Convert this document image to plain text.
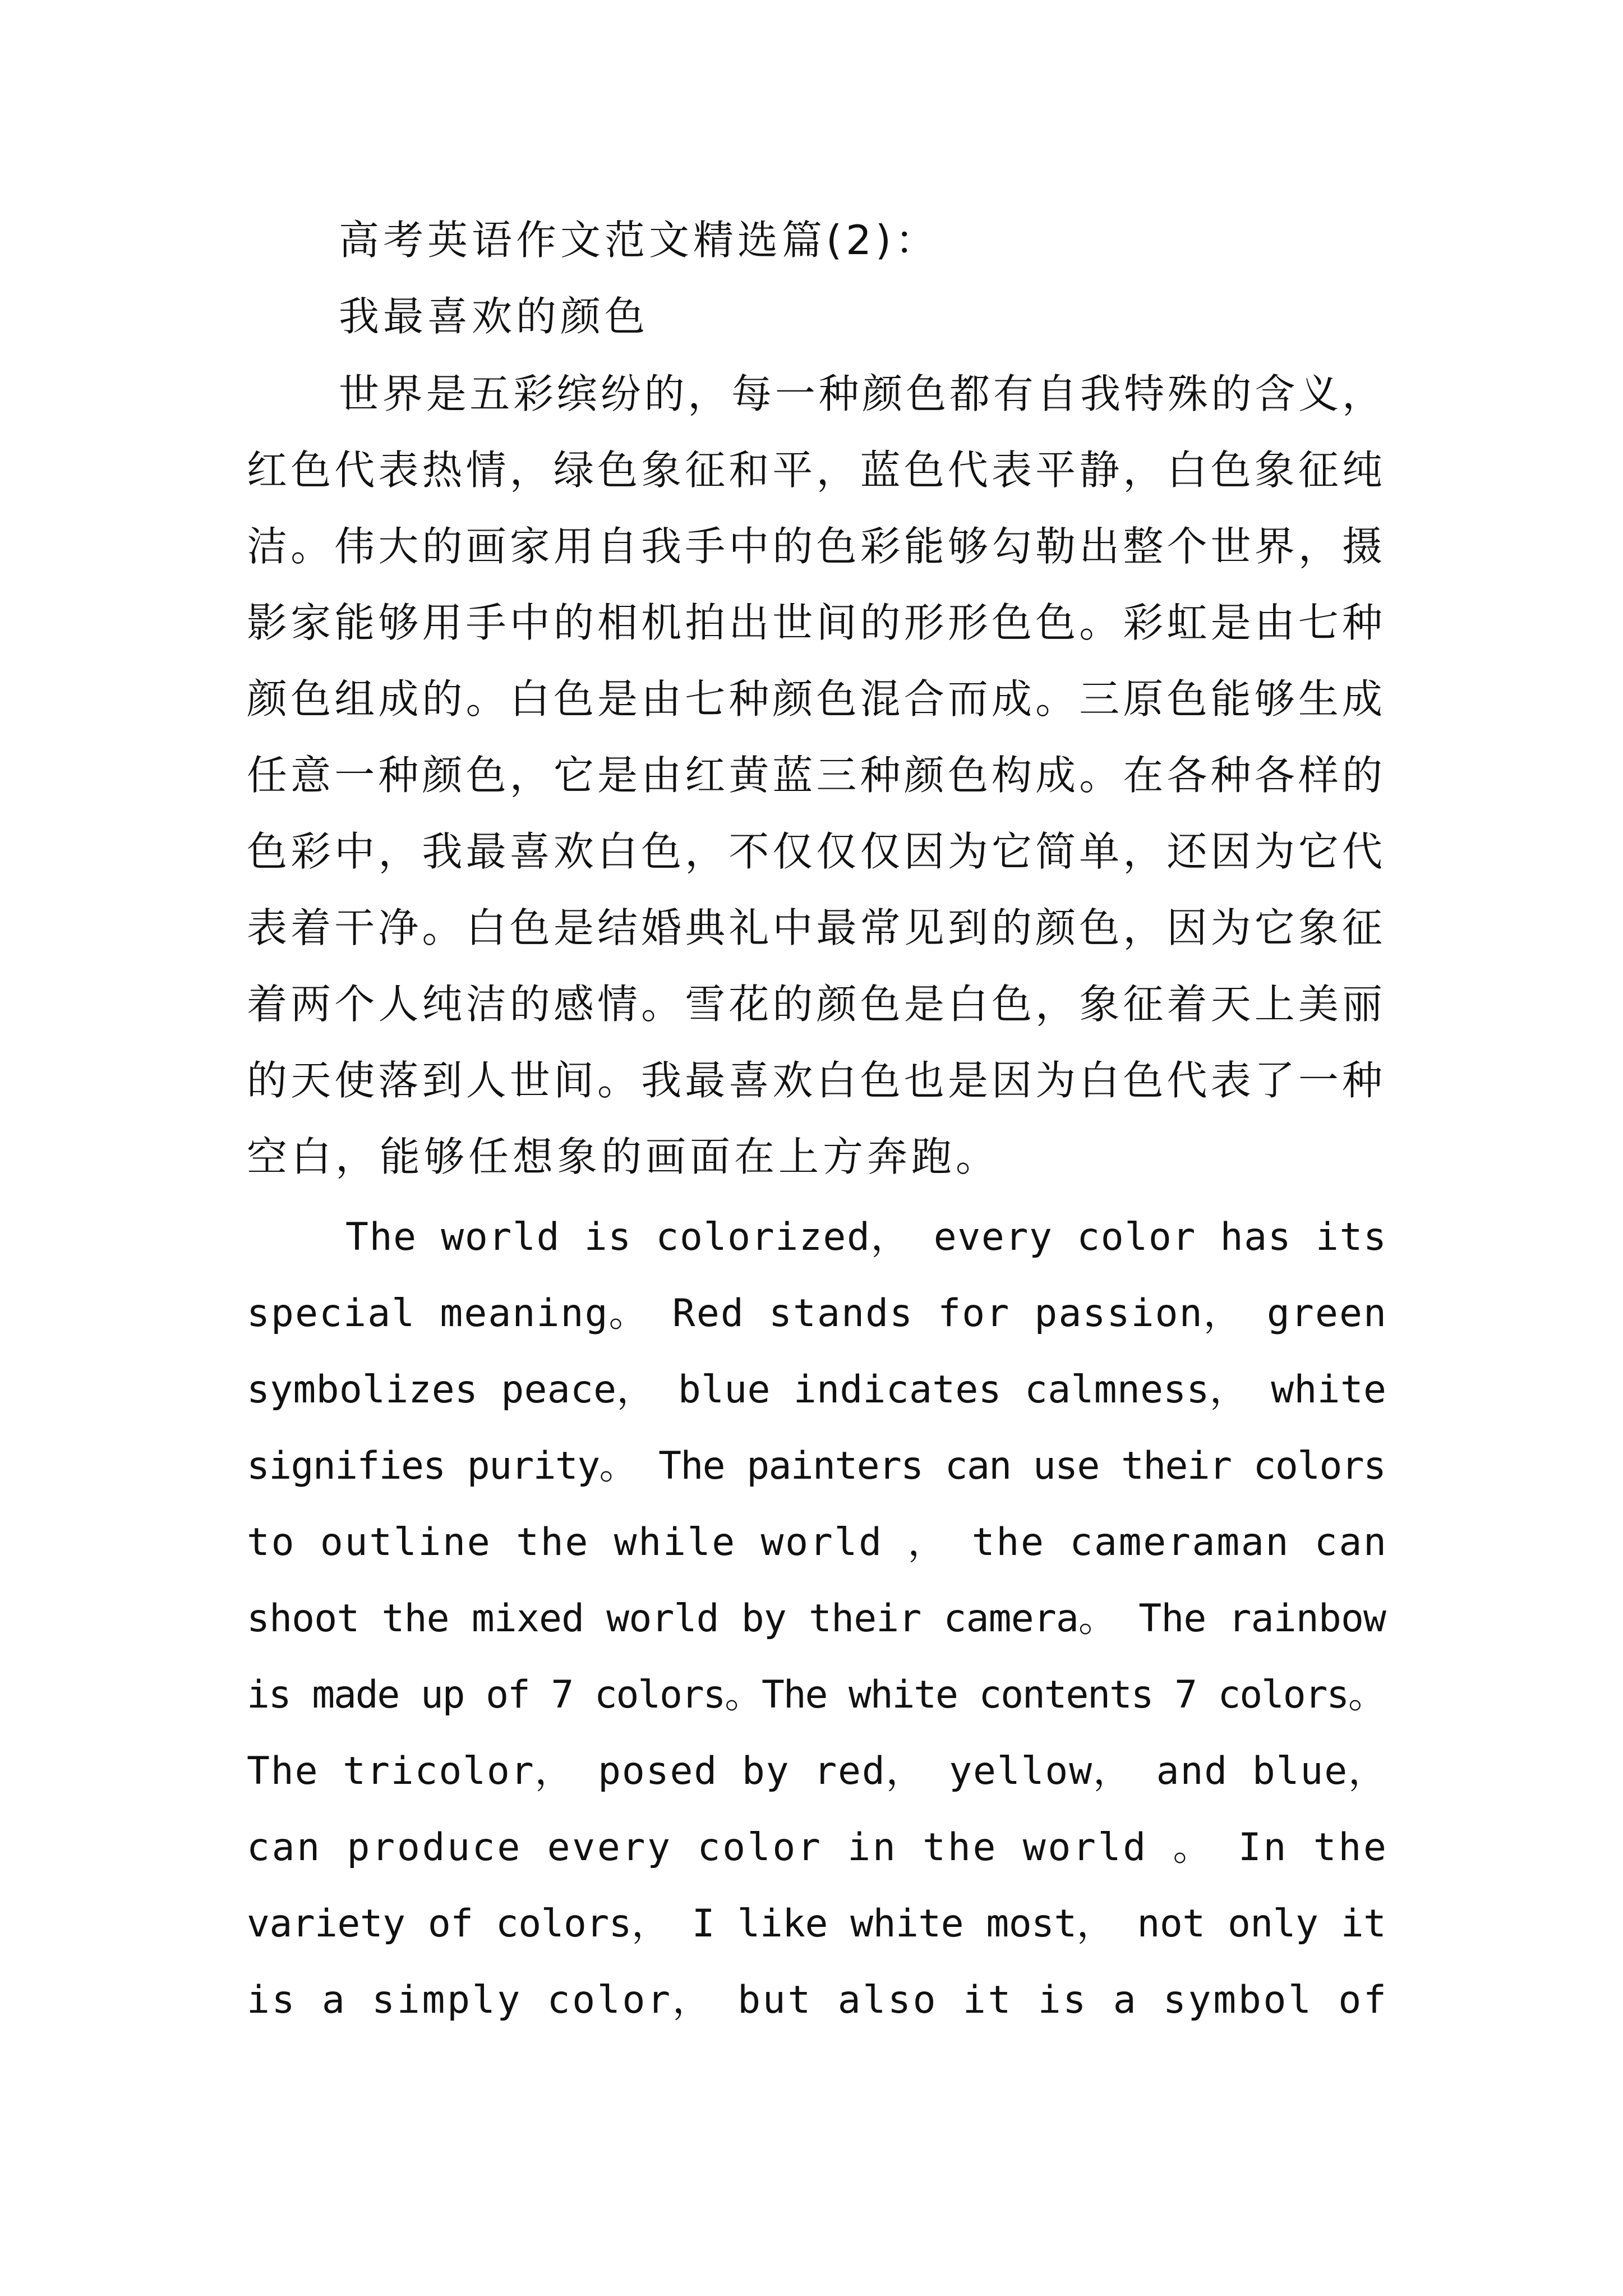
高考英语作文范文精选篇(2)：

我最喜欢的颜色

世界是五彩缤纷的，每一种颜色都有自我特殊的含义，

红色代表热情，绿色象征和平，蓝色代表平静，白色象征纯

洁。伟大的画家用自我手中的色彩能够勾勒出整个世界，摄

影家能够用手中的相机拍出世间的形形色色。彩虹是由七种

颜色组成的。白色是由七种颜色混合而成。三原色能够生成

任意一种颜色，它是由红黄蓝三种颜色构成。在各种各样的

色彩中，我最喜欢白色，不仅仅仅因为它简单，还因为它代

表着干净。白色是结婚典礼中最常见到的颜色，因为它象征

着两个人纯洁的感情。雪花的颜色是白色，象征着天上美丽

的天使落到人世间。我最喜欢白色也是因为白色代表了一种

空白，能够任想象的画面在上方奔跑。

The world is colorized， every color has its

special meaning。 Red stands for passion， green

symbolizes peace， blue indicates calmness， white

signifies purity。 The painters can use their colors

to outline the while world ， the cameraman can

shoot the mixed world by their camera。 The rainbow

is made up of 7 colors。The white contents 7 colors。

The tricolor， posed by red， yellow， and blue，

can produce every color in the world 。 In the

variety of colors， I like white most， not only it

is a simply color， but also it is a symbol of
